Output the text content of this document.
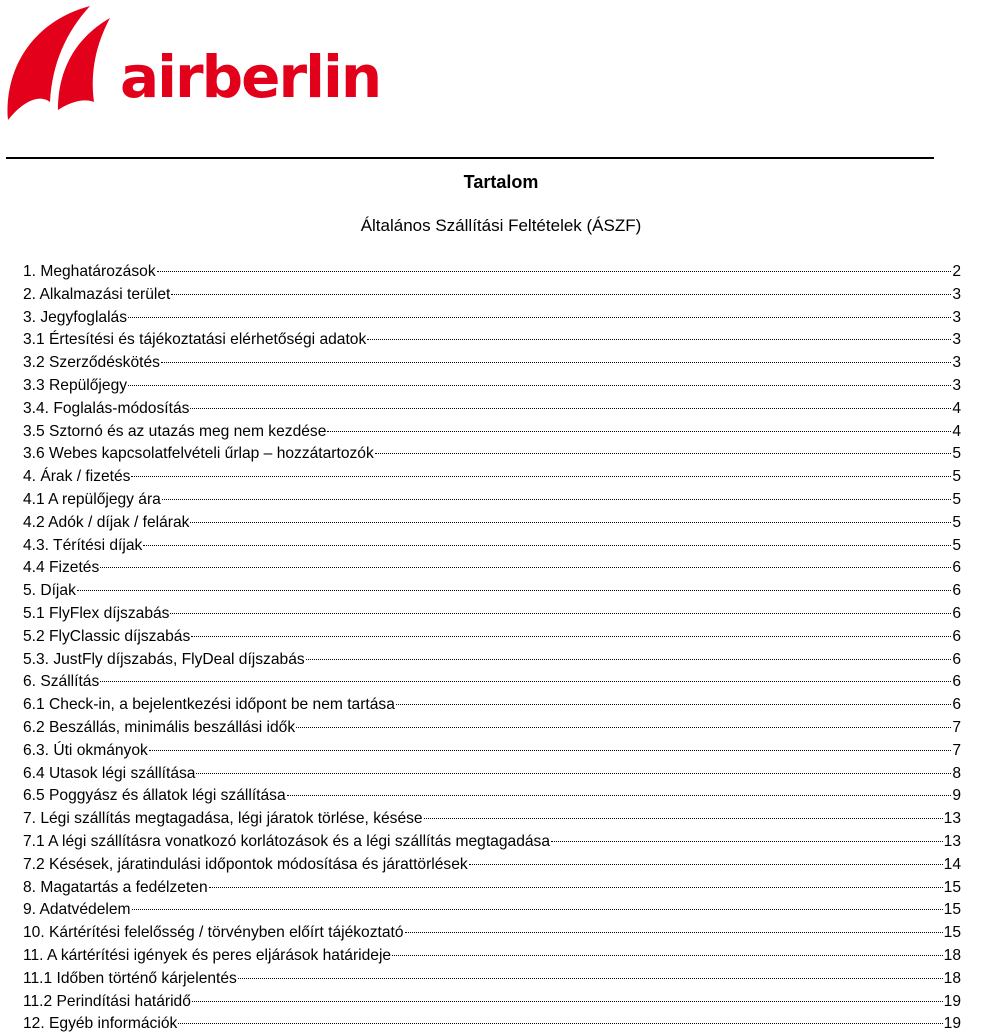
airberlin
Tartalom
Általános Szállítási Feltételek (ÁSZF)
1. Meghatározások	2
2. Alkalmazási terület	3
3. Jegyfoglalás	3
3.1 Értesítési és tájékoztatási elérhetőségi adatok	3
3.2 Szerződéskötés	3
3.3 Repülőjegy	3
3.4. Foglalás-módosítás	4
3.5 Sztornó és az utazás meg nem kezdése	4
3.6 Webes kapcsolatfelvételi űrlap – hozzátartozók	5
4. Árak / fizetés	5
4.1 A repülőjegy ára	5
4.2 Adók / díjak / felárak	5
4.3. Térítési díjak	5
4.4 Fizetés	6
5. Díjak	6
5.1 FlyFlex díjszabás	6
5.2 FlyClassic díjszabás	6
5.3. JustFly díjszabás, FlyDeal díjszabás	6
6. Szállítás	6
6.1 Check-in, a bejelentkezési időpont be nem tartása	6
6.2 Beszállás, minimális beszállási idők	7
6.3. Úti okmányok	7
6.4 Utasok légi szállítása	8
6.5 Poggyász és állatok légi szállítása	9
7. Légi szállítás megtagadása, légi járatok törlése, késése	13
7.1 A légi szállításra vonatkozó korlátozások és a légi szállítás megtagadása	13
7.2 Késések, járatindulási időpontok módosítása és járattörlések	14
8. Magatartás a fedélzeten	15
9. Adatvédelem	15
10. Kártérítési felelősség / törvényben előírt tájékoztató	15
11. A kártérítési igények és peres eljárások határideje	18
11.1 Időben történő kárjelentés	18
11.2 Perindítási határidő	19
12. Egyéb információk	19
